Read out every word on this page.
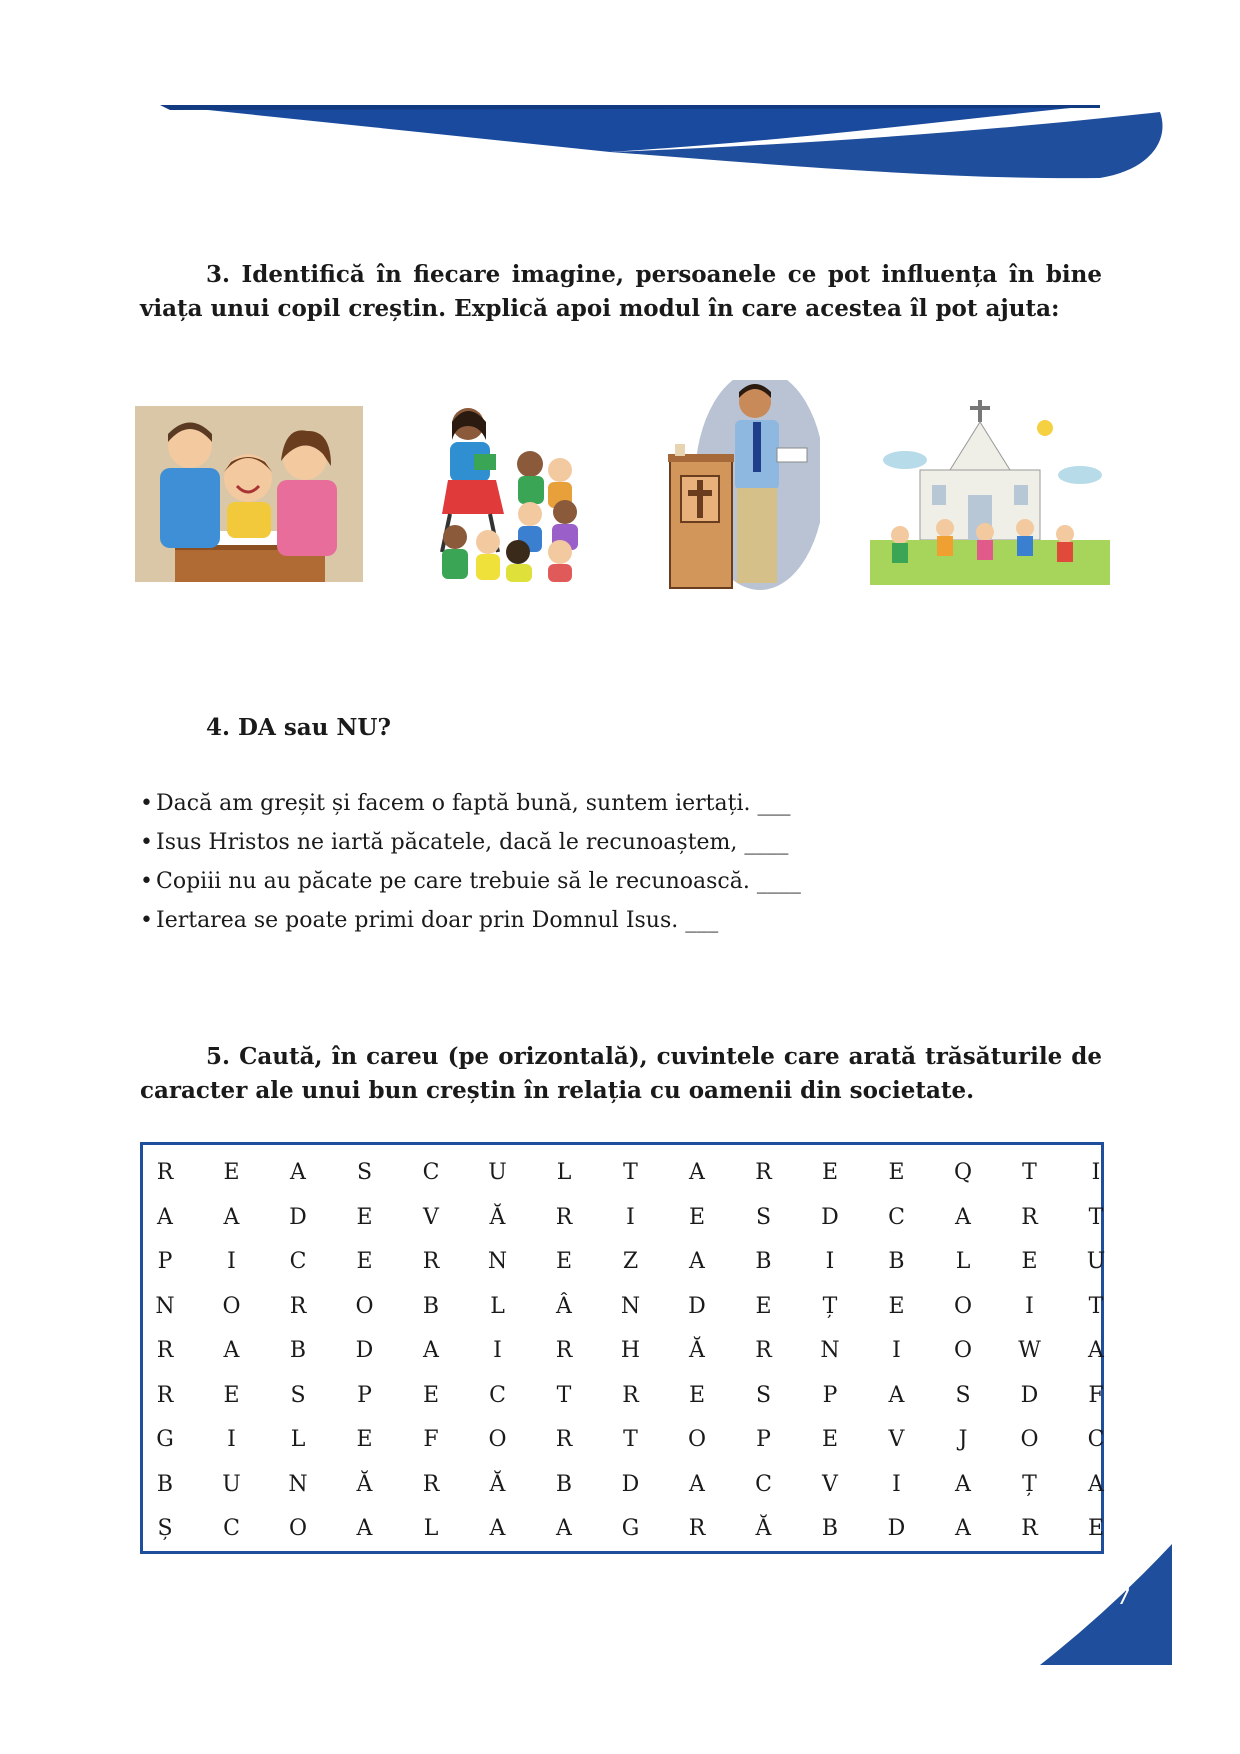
3. Identifică în fiecare imagine, persoanele ce pot influența în bine viața unui copil creștin. Explică apoi modul în care acestea îl pot ajuta:

4. DA sau NU?

• Dacă am greșit și facem o faptă bună, suntem iertați. ___
• Isus Hristos ne iartă păcatele, dacă le recunoaștem, ____
• Copiii nu au păcate pe care trebuie să le recunoască. ____
• Iertarea se poate primi doar prin Domnul Isus. ___

5. Caută, în careu (pe orizontală), cuvintele care arată trăsăturile de caracter ale unui bun creștin în relația cu oamenii din societate.

R	E	A	S	C	U	L	T	A	R	E	E	Q	T	I
A	A	D	E	V	Ă	R	I	E	S	D	C	A	R	T
P	I	C	E	R	N	E	Z	A	B	I	B	L	E	U
N	O	R	O	B	L	Â	N	D	E	Ț	E	O	I	T
R	A	B	D	A	I	R	H	Ă	R	N	I	O	W	A
R	E	S	P	E	C	T	R	E	S	P	A	S	D	F
G	I	L	E	F	O	R	T	O	P	E	V	J	O	C
B	U	N	Ă	R	Ă	B	D	A	C	V	I	A	Ț	A
Ș	C	O	A	L	A	A	G	R	Ă	B	D	A	R	E
7
